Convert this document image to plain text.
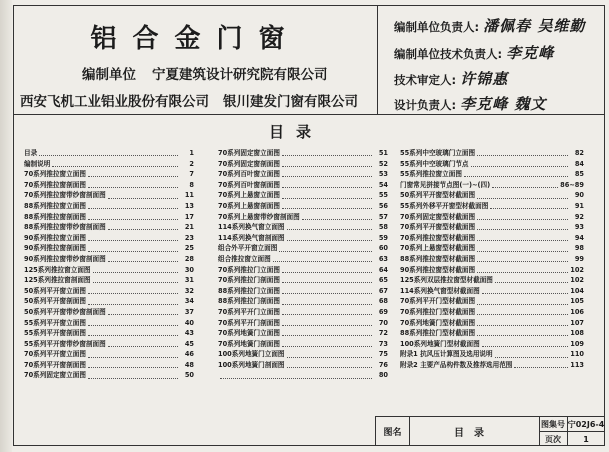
铝合金门窗
编制单位 宁夏建筑设计研究院有限公司
西安飞机工业铝业股份有限公司 银川建发门窗有限公司
编制单位负责人: 潘佩春 吴维勤
编制单位技术负责人: 李克峰
技术审定人: 许锦惠
设计负责人: 李克峰 魏文
目录
目录	1
编制说明	2
70系列推拉窗立面图	7
70系列推拉窗剖面图	8
70系列推拉窗带纱窗剖面图	11
88系列推拉窗立面图	13
88系列推拉窗剖面图	17
88系列推拉窗带纱窗剖面图	21
90系列推拉窗立面图	23
90系列推拉窗剖面图	25
90系列推拉窗带纱窗剖面图	28
125系列推拉窗立面图	30
125系列推拉窗剖面图	31
50系列平开窗立面图	32
50系列平开窗剖面图	34
50系列平开窗带纱窗剖面图	37
55系列平开窗立面图	40
55系列平开窗剖面图	43
55系列平开窗带纱窗剖面图	45
70系列平开窗立面图	46
70系列平开窗剖面图	48
70系列固定窗立面图	50
70系列固定窗立面图	51
70系列固定窗剖面图	52
70系列百叶窗立面图	53
70系列百叶窗剖面图	54
70系列上悬窗立面图	55
70系列上悬窗剖面图	56
70系列上悬窗带纱窗剖面图	57
114系列换气窗立面图	58
114系列换气窗剖面图	59
组合外平开窗立面图	60
组合推拉窗立面图	63
70系列推拉门立面图	64
70系列推拉门剖面图	65
88系列推拉门立面图	67
88系列推拉门剖面图	68
70系列平开门立面图	69
70系列平开门剖面图	70
70系列地簧门立面图	72
70系列地簧门剖面图	73
100系列地簧门立面图	75
100系列地簧门剖面图	76
80
55系列中空玻璃门立面图	82
55系列中空玻璃门节点	84
55系列推拉窗立面图	85
门窗常见拼接节点图(一)~(四)	86~89
50系列平开窗型材截面图	90
55系列外移平开窗型材截面图	91
70系列固定窗型材截面图	92
70系列平开窗型材截面图	93
70系列推拉窗型材截面图	94
70系列上悬窗型材截面图	98
88系列推拉窗型材截面图	99
90系列推拉窗型材截面图	102
125系列双层推拉窗型材截面图	102
114系列换气窗型材截面图	104
70系列平开门型材截面图	105
70系列推拉门型材截面图	106
70系列地簧门型材截面图	107
88系列推拉门型材截面图	108
100系列地簧门型材截面图	109
附录1 抗风压计算图及选用说明	110
附录2 主要产品构件数及推荐选用范围	113
图名	目录
图集号 宁02J6-4
页次	1
